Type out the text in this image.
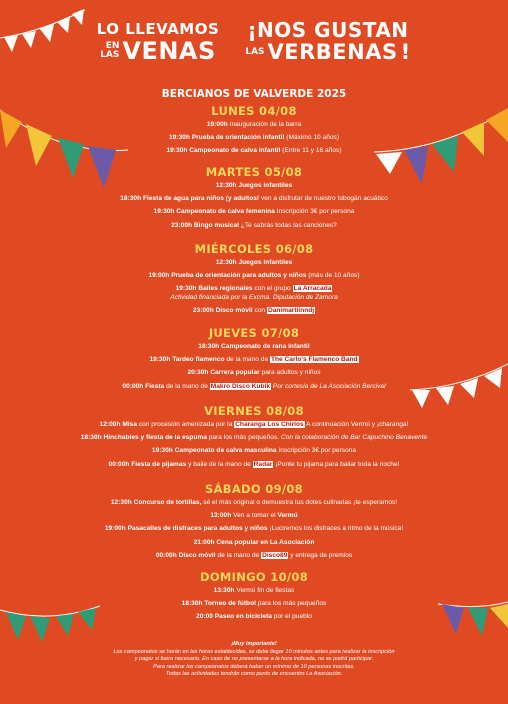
LO LLEVAMOS
EN
LAS VENAS
¡NOS GUSTAN
LAS VERBENAS !
BERCIANOS DE VALVERDE 2025
LUNES 04/08
19:00h Inauguración de la barra
19:30h Prueba de orientación infantil (Máximo 10 años)
19:30h Campeonato de calva infantil (Entre 11 y 16 años)
MARTES 05/08
12:30h Juegos infantiles
18:30h Fiesta de agua para niños (y adultos! ven a disfrutar de nuestro tobogán acuático
19:30h Campeonato de calva femenina Inscripción 3€ por persona
23:00h Bingo musical ¿Te sabrás todas las canciones?
MIÉRCOLES 06/08
12:30h Juegos infantiles
19:00h Prueba de orientación para adultos y niños (más de 10 años)
19:30h Bailes regionales con el grupo La Arracada
Actividad financiada por la Excma. Diputación de Zamora
23:00h Disco móvil con Danimartiinndj
JUEVES 07/08
18:30h Campeonato de rana infantil
19:30h Tardeo flamenco de la mano de The Carlo's Flamenco Band
20:30h Carrera popular para adultos y niños
00:00h Fiesta de la mano de Makro Disco Kubik Por cortesía de La Asociación Bercival
VIERNES 08/08
12:00h Misa con procesión amenizada por la Charanga Los Chirlos A continuación Vermú y ¡charanga!
18:30h Hinchables y fiesta de la espuma para los más pequeños. Con la colaboración de Bar Capuchino Benavente
19:30h Campeonato de calva masculina Inscripción 3€ por persona
00:00h Fiesta de pijamas y baile de la mano de Radar ¡Ponte tu pijama para bailar toda la noche!
SÁBADO 09/08
12:30h Concurso de tortillas, sé el más original o demuestra tus dotes culinarias ¡te esperamos!
13:00h Ven a tomar el Vermú
19:00h Pasacalles de disfraces para adultos y niños ¡Luciremos los disfraces a ritmo de la música!
21:00h Cena popular en La Asociación
00:00h Disco móvil de la mano de Disco89 y entrega de premios
DOMINGO 10/08
13:30h Vermú fin de fiestas
18:30h Torneo de fútbol para los más pequeños
20:00 Paseo en bicicleta por el pueblo
¡Muy importante!
Los campeonatos se harán en las horas establecidas, se debe llegar 10 minutos antes para realizar la inscripción
y pagar si fuera necesario. En caso de no presentarse a la hora indicada, no se podrá participar.
Para realizar los campeonatos deberá haber un mínimo de 10 personas inscritas.
Todas las actividades tendrán como punto de encuentro La Asociación.
